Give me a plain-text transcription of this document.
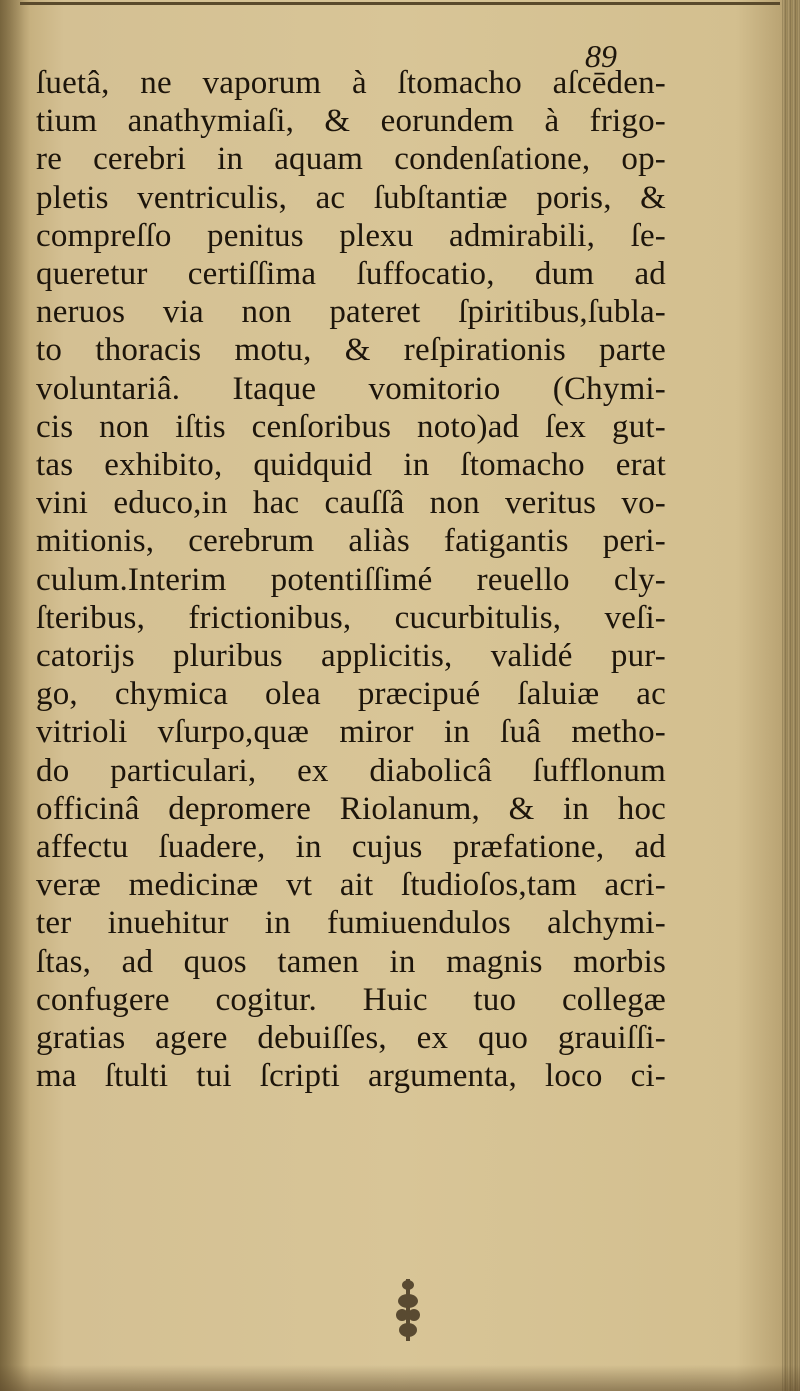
89
ſuetâ, ne vaporum à ſtomacho aſcēden-
tium anathymiaſi, & eorundem à frigo-
re cerebri in aquam condenſatione, op-
pletis ventriculis, ac ſubſtantiæ poris, &
compreſſo penitus plexu admirabili, ſe-
queretur certiſſima ſuffocatio, dum ad
neruos via non pateret ſpiritibus,ſubla-
to thoracis motu, & reſpirationis parte
voluntariâ. Itaque vomitorio (Chymi-
cis non iſtis cenſoribus noto)ad ſex gut-
tas exhibito, quidquid in ſtomacho erat
vini educo,in hac cauſſâ non veritus vo-
mitionis, cerebrum aliàs fatigantis peri-
culum.Interim potentiſſimé reuello cly-
ſteribus, frictionibus, cucurbitulis, veſi-
catorijs pluribus applicitis, validé pur-
go, chymica olea præcipué ſaluiæ ac
vitrioli vſurpo,quæ miror in ſuâ metho-
do particulari, ex diabolicâ ſufflonum
officinâ depromere Riolanum, & in hoc
affectu ſuadere, in cujus præfatione, ad
veræ medicinæ vt ait ſtudioſos,tam acri-
ter inuehitur in fumiuendulos alchymi-
ſtas, ad quos tamen in magnis morbis
confugere cogitur. Huic tuo collegæ
gratias agere debuiſſes, ex quo grauiſſi-
ma ſtulti tui ſcripti argumenta, loco ci-
